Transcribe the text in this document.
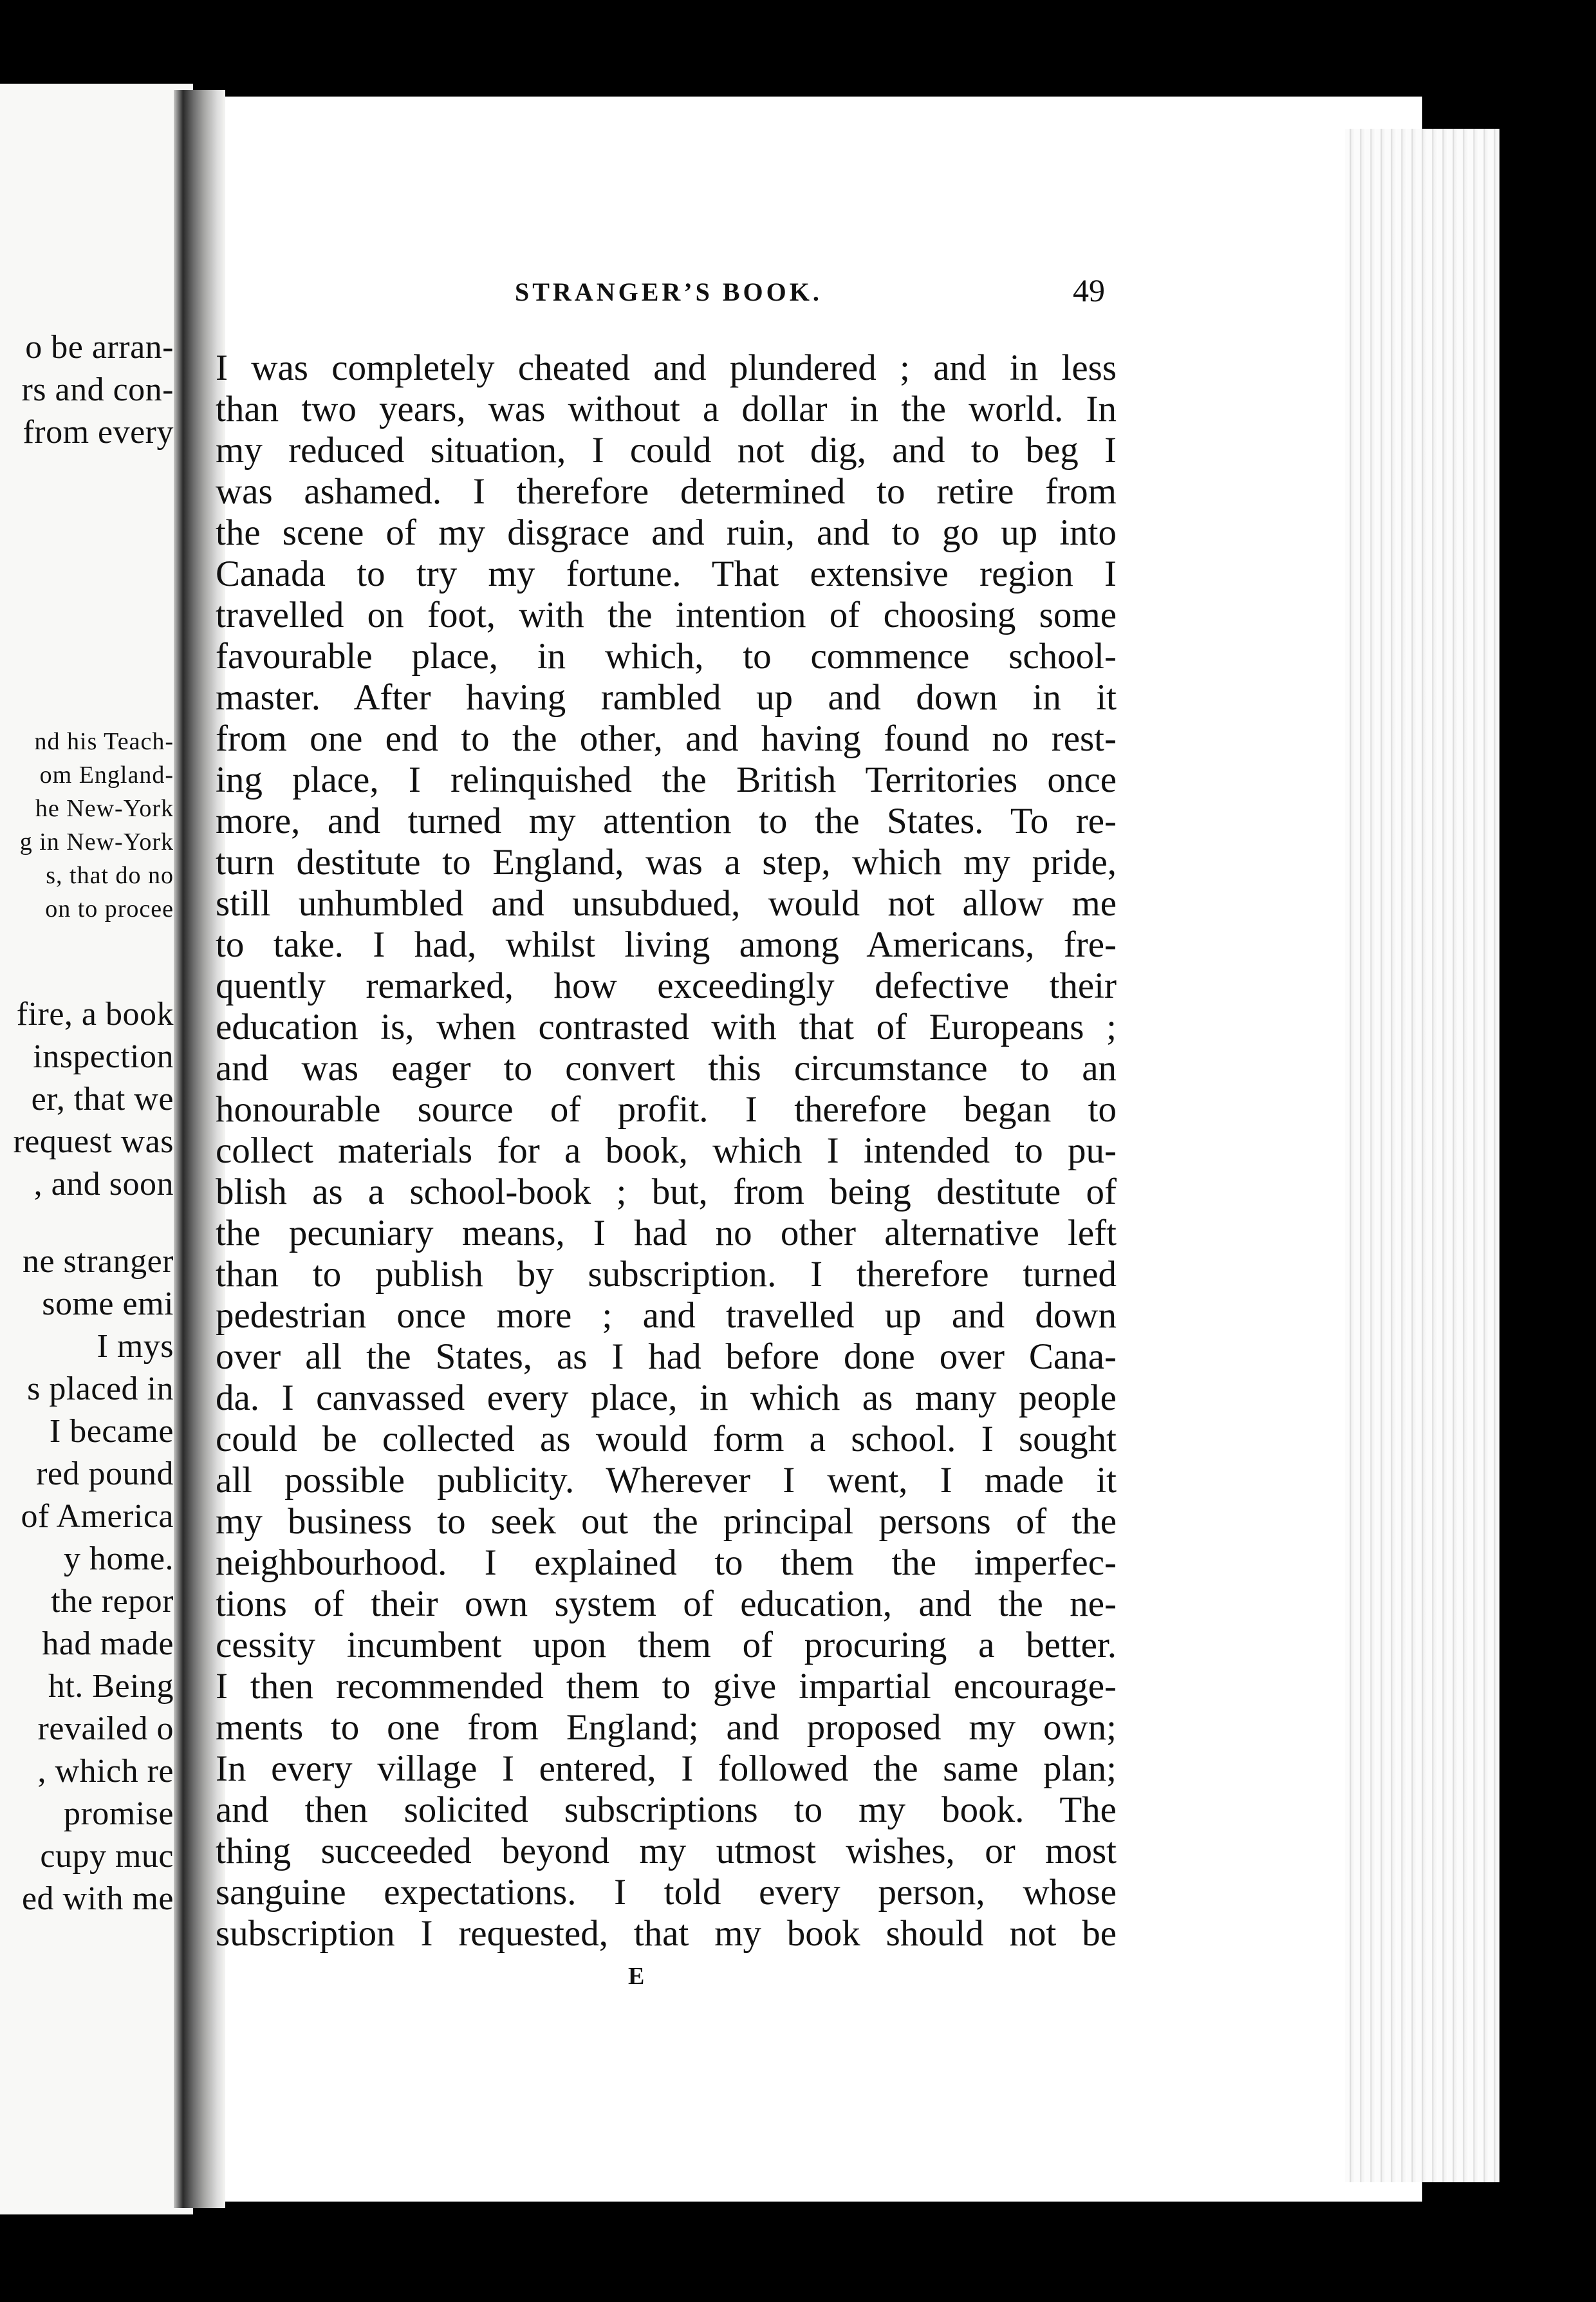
o be arran-
rs and con-
from every
nd his Teach-
om England-
he New-York
g in New-York
s, that do no
on to procee
fire, a book
inspection
er, that we
request was
, and soon
ne stranger
some emi
I mys
s placed in
I became
red pound
of America
y home.
the repor
had made
ht. Being
revailed o
, which re
promise
cupy muc
ed with me
STRANGER’S BOOK.	49
I was completely cheated and plundered ; and in less
than two years, was without a dollar in the world. In
my reduced situation, I could not dig, and to beg I
was ashamed. I therefore determined to retire from
the scene of my disgrace and ruin, and to go up into
Canada to try my fortune. That extensive region I
travelled on foot, with the intention of choosing some
favourable place, in which, to commence school-
master. After having rambled up and down in it
from one end to the other, and having found no rest-
ing place, I relinquished the British Territories once
more, and turned my attention to the States. To re-
turn destitute to England, was a step, which my pride,
still unhumbled and unsubdued, would not allow me
to take. I had, whilst living among Americans, fre-
quently remarked, how exceedingly defective their
education is, when contrasted with that of Europeans ;
and was eager to convert this circumstance to an
honourable source of profit. I therefore began to
collect materials for a book, which I intended to pu-
blish as a school-book ; but, from being destitute of
the pecuniary means, I had no other alternative left
than to publish by subscription. I therefore turned
pedestrian once more ; and travelled up and down
over all the States, as I had before done over Cana-
da. I canvassed every place, in which as many people
could be collected as would form a school. I sought
all possible publicity. Wherever I went, I made it
my business to seek out the principal persons of the
neighbourhood. I explained to them the imperfec-
tions of their own system of education, and the ne-
cessity incumbent upon them of procuring a better.
I then recommended them to give impartial encourage-
ments to one from England; and proposed my own;
In every village I entered, I followed the same plan;
and then solicited subscriptions to my book. The
thing succeeded beyond my utmost wishes, or most
sanguine expectations. I told every person, whose
subscription I requested, that my book should not be
E
